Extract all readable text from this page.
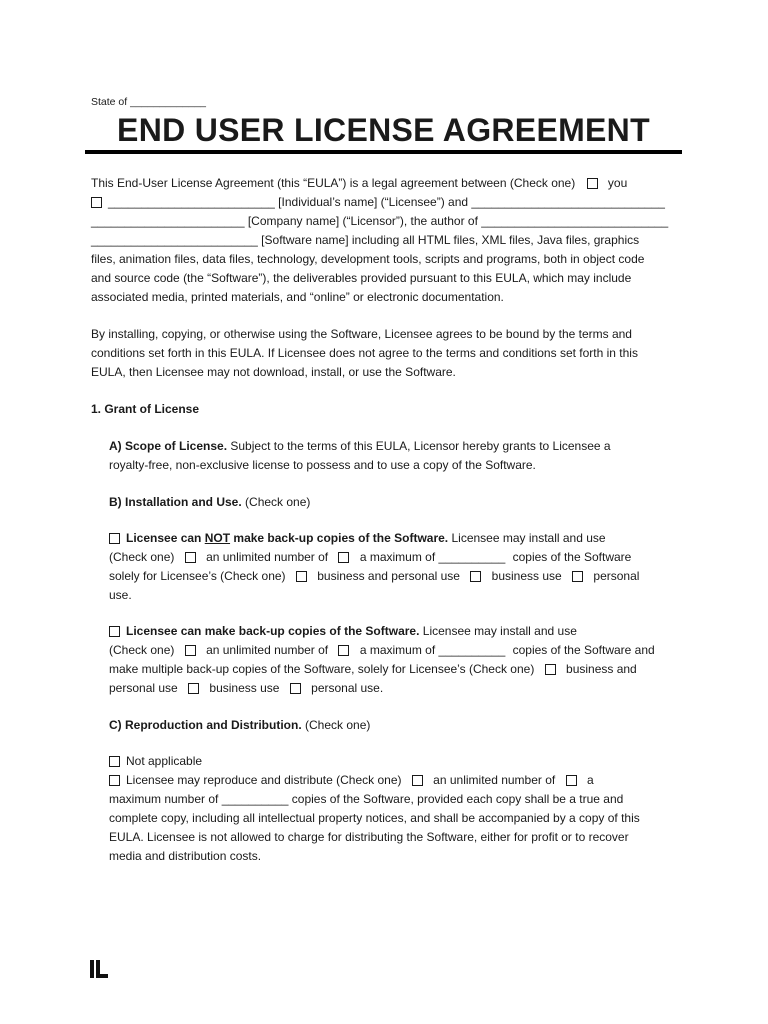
State of _____________
END USER LICENSE AGREEMENT
This End-User License Agreement (this “EULA”) is a legal agreement between (Check one)	you
_________________________ [Individual’s name] (“Licensee”) and _____________________________
_______________________ [Company name] (“Licensor”), the author of ____________________________
_________________________ [Software name] including all HTML files, XML files, Java files, graphics
files, animation files, data files, technology, development tools, scripts and programs, both in object code
and source code (the “Software”), the deliverables provided pursuant to this EULA, which may include
associated media, printed materials, and “online” or electronic documentation.
By installing, copying, or otherwise using the Software, Licensee agrees to be bound by the terms and
conditions set forth in this EULA. If Licensee does not agree to the terms and conditions set forth in this
EULA, then Licensee may not download, install, or use the Software.
1. Grant of License
A) Scope of License. Subject to the terms of this EULA, Licensor hereby grants to Licensee a
royalty-free, non-exclusive license to possess and to use a copy of the Software.
B) Installation and Use. (Check one)
Licensee can NOT make back-up copies of the Software. Licensee may install and use
(Check one)	an unlimited number of	a maximum of __________ copies of the Software
solely for Licensee’s (Check one)	business and personal use	business use	personal
use.
Licensee can make back-up copies of the Software. Licensee may install and use
(Check one)	an unlimited number of	a maximum of __________ copies of the Software and
make multiple back-up copies of the Software, solely for Licensee’s (Check one)	business and
personal use	business use	personal use.
C) Reproduction and Distribution. (Check one)
Not applicable
Licensee may reproduce and distribute (Check one)	an unlimited number of	a
maximum number of __________ copies of the Software, provided each copy shall be a true and
complete copy, including all intellectual property notices, and shall be accompanied by a copy of this
EULA. Licensee is not allowed to charge for distributing the Software, either for profit or to recover
media and distribution costs.
